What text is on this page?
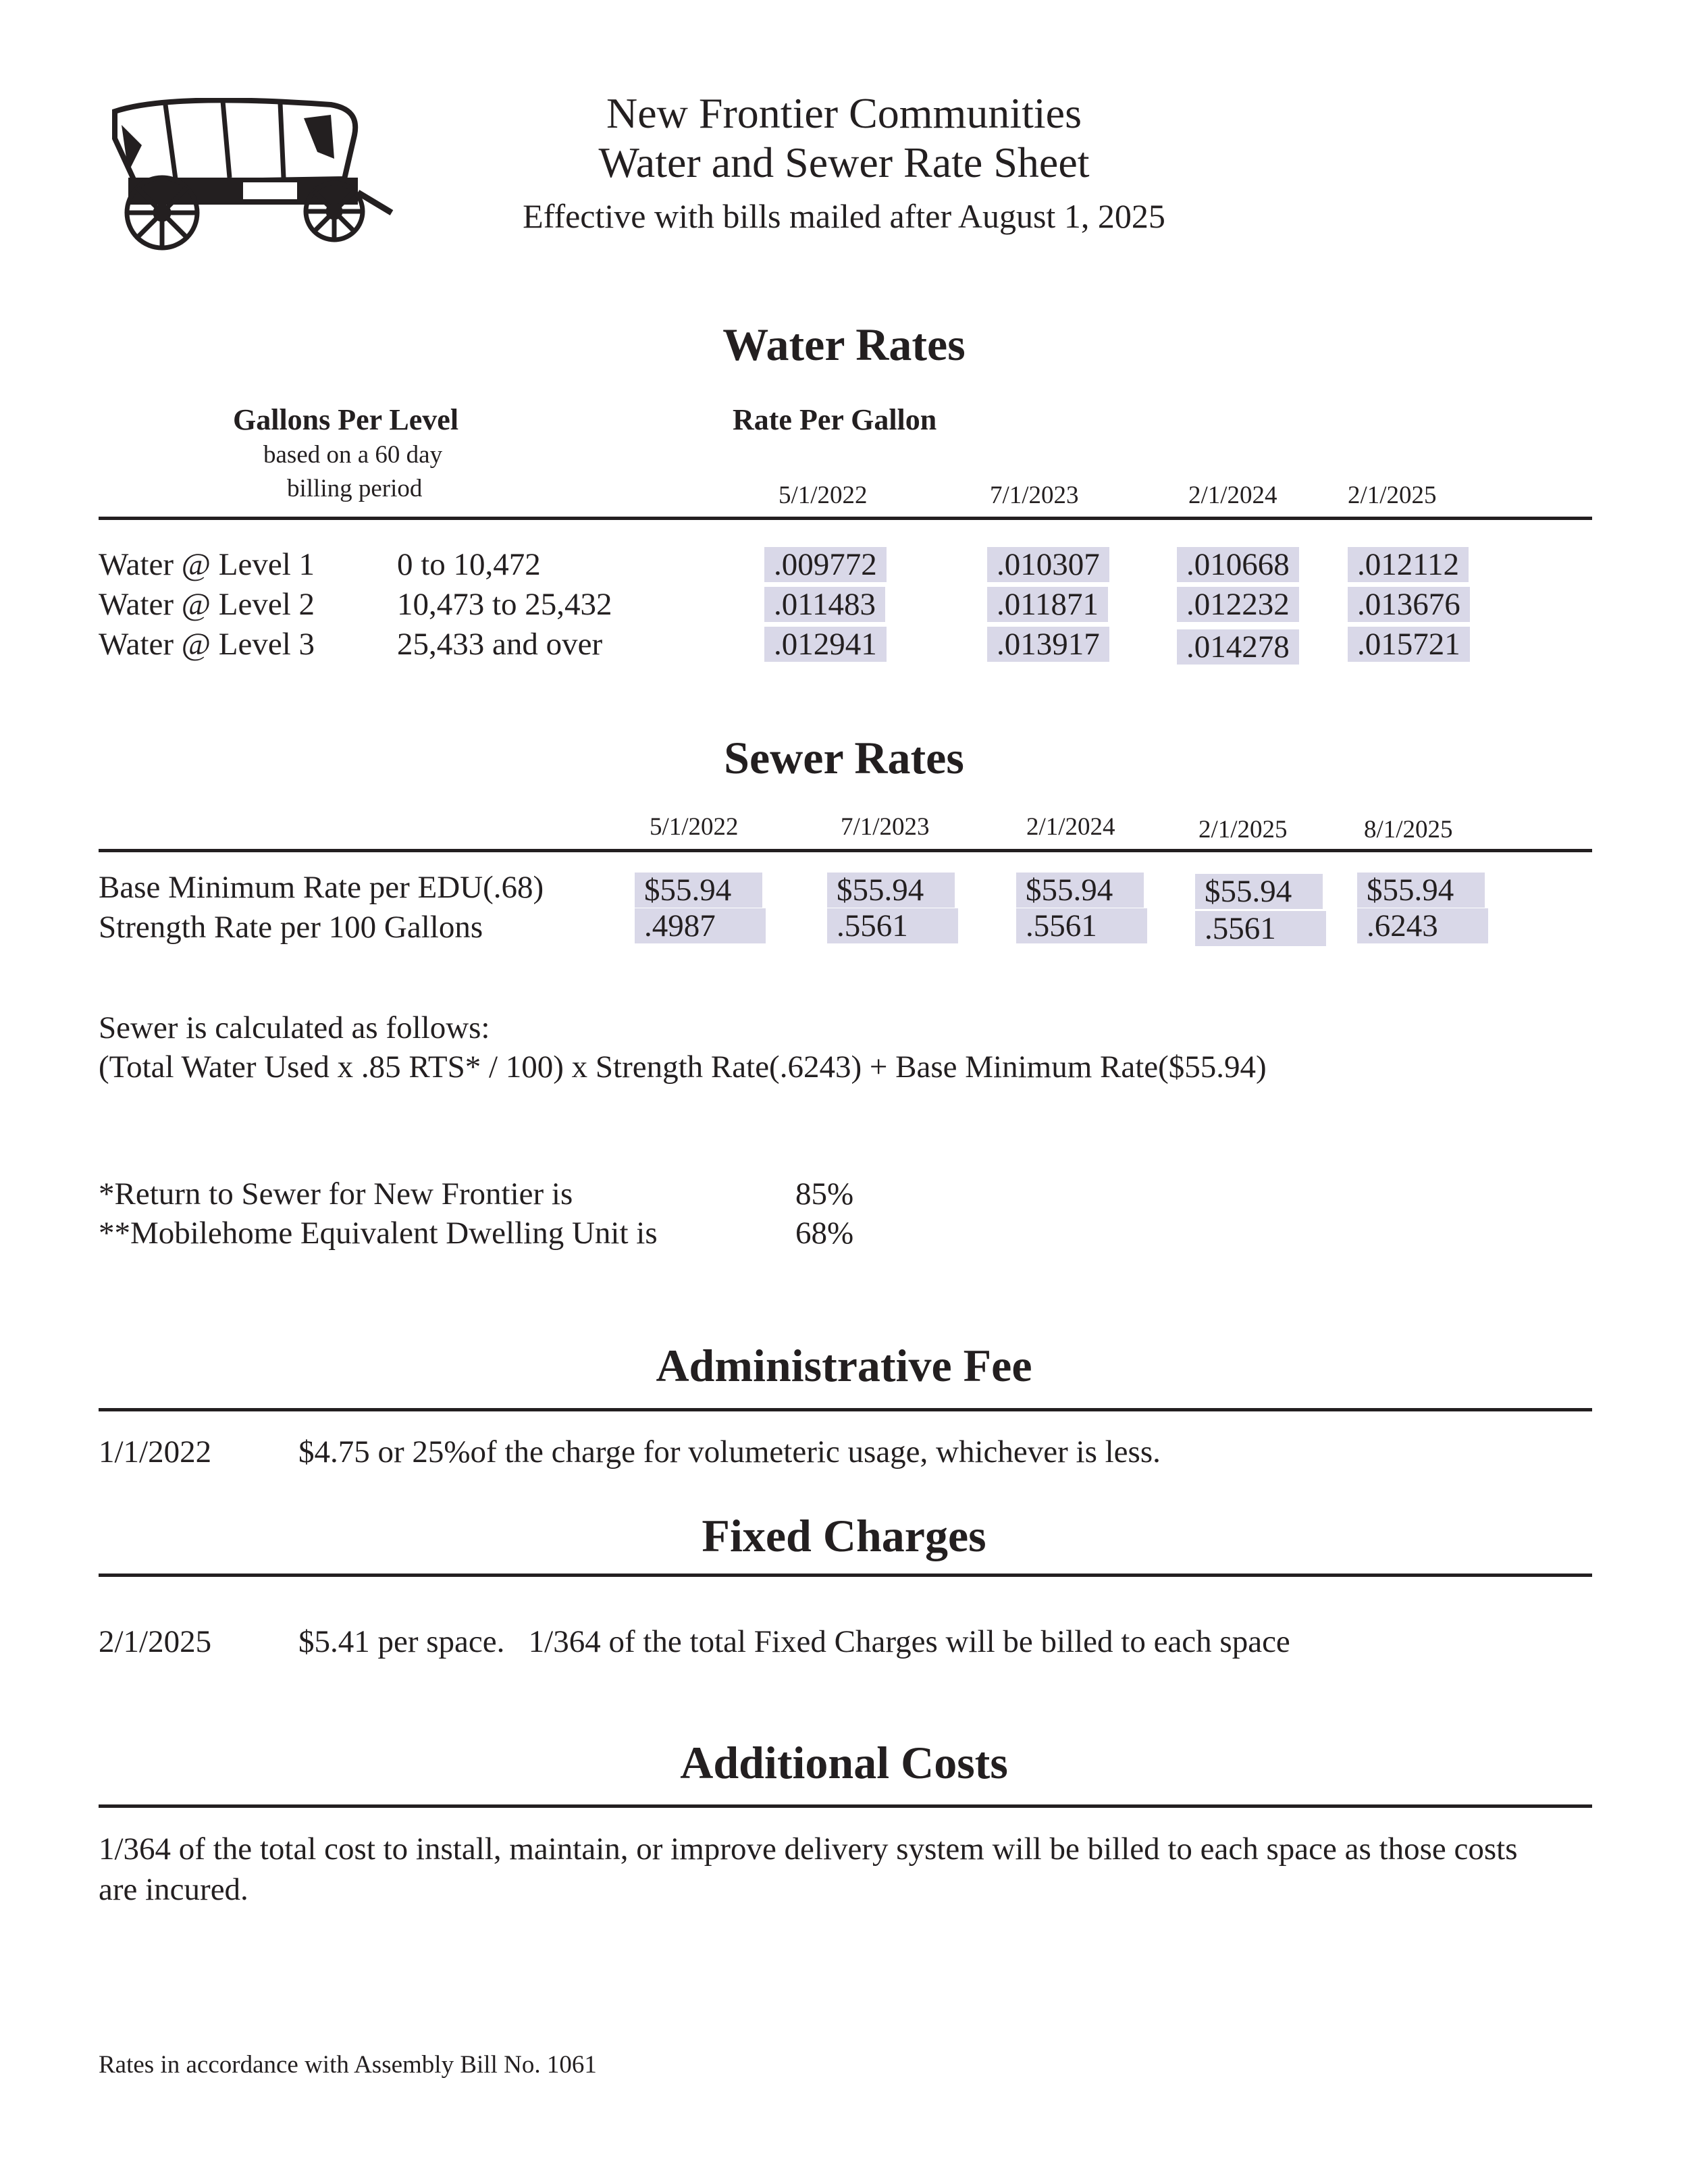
New Frontier Communities
Water and Sewer Rate Sheet
Effective with bills mailed after August 1, 2025
Water Rates
Gallons Per Level
based on a 60 day
billing period
Rate Per Gallon
5/1/2022	7/1/2023	2/1/2024	2/1/2025
Water @ Level 1	0 to 10,472	.009772	.010307	.010668 .012112
Water @ Level 2	10,473 to 25,432	.011483	.011871	.012232 .013676
Water @ Level 3	25,433 and over	.012941	.013917	.014278 .015721
Sewer Rates
5/1/2022	7/1/2023	2/1/2024	2/1/2025	8/1/2025
Base Minimum Rate per EDU(.68)	$55.94	$55.94	$55.94	$55.94	$55.94
Strength Rate per 100 Gallons	.4987	.5561	.5561	.5561	.6243
Sewer is calculated as follows:
(Total Water Used x .85 RTS* / 100) x Strength Rate(.6243) + Base Minimum Rate($55.94)
*Return to Sewer for New Frontier is	85%
**Mobilehome Equivalent Dwelling Unit is	68%
Administrative Fee
1/1/2022	$4.75 or 25%of the charge for volumeteric usage, whichever is less.
Fixed Charges
2/1/2025	$5.41 per space.   1/364 of the total Fixed Charges will be billed to each space
Additional Costs
1/364 of the total cost to install, maintain, or improve delivery system will be billed to each space as those costs
are incured.
Rates in accordance with Assembly Bill No. 1061
